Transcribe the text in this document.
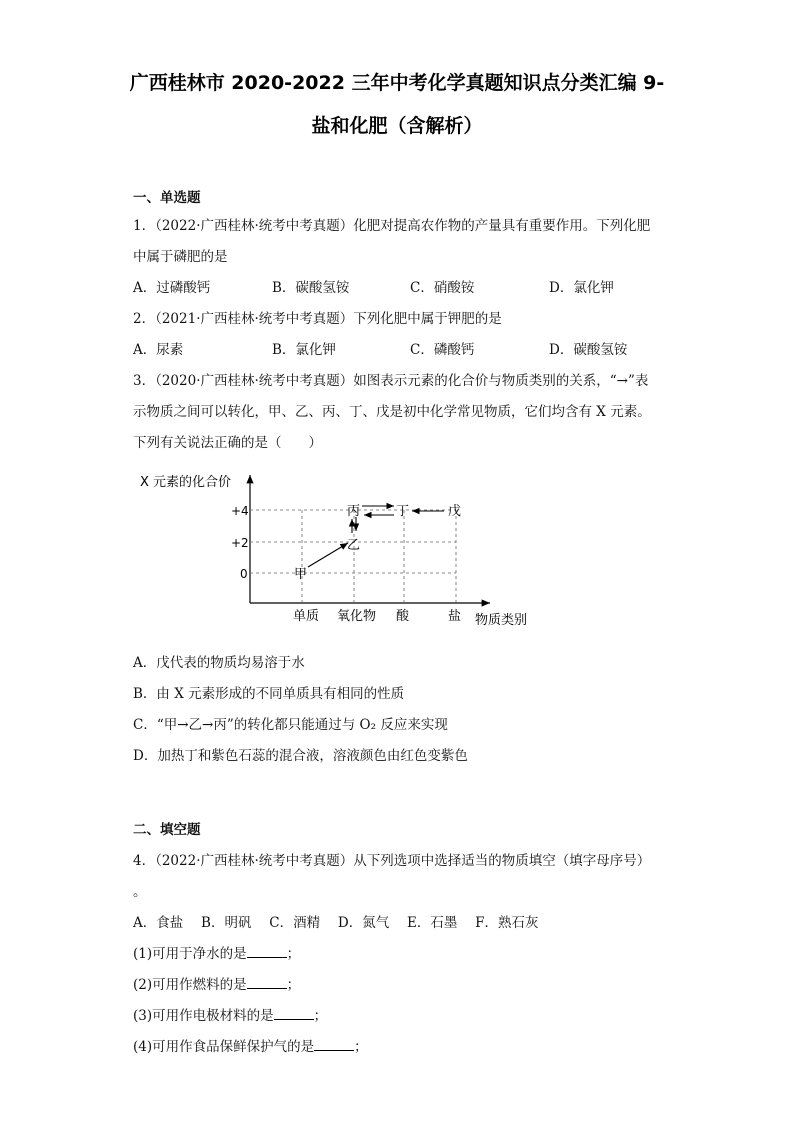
广西桂林市 2020-2022 三年中考化学真题知识点分类汇编 9-
盐和化肥（含解析）
一、单选题
1．（2022·广西桂林·统考中考真题）化肥对提高农作物的产量具有重要作用。下列化肥
中属于磷肥的是
A．过磷酸钙	B．碳酸氢铵	C．硝酸铵	D．氯化钾
2．（2021·广西桂林·统考中考真题）下列化肥中属于钾肥的是
A．尿素	B．氯化钾	C．磷酸钙	D．碳酸氢铵
3．（2020·广西桂林·统考中考真题）如图表示元素的化合价与物质类别的关系，“→”表
示物质之间可以转化，甲、乙、丙、丁、戊是初中化学常见物质，它们均含有 X 元素。
下列有关说法正确的是（　　）
X 元素的化合价
+4
+2
0
单质 氧化物 酸	盐 物质类别
甲
乙
丙	丁	戊
A．戊代表的物质均易溶于水
B．由 X 元素形成的不同单质具有相同的性质
C．“甲→乙→丙”的转化都只能通过与 O₂ 反应来实现
D．加热丁和紫色石蕊的混合液，溶液颜色由红色变紫色
二、填空题
4．（2022·广西桂林·统考中考真题）从下列选项中选择适当的物质填空（填字母序号）
。
A．食盐　 B．明矾　 C．酒精　 D．氮气　 E．石墨　 F．熟石灰
(1)可用于净水的是	；
(2)可用作燃料的是	；
(3)可用作电极材料的是	；
(4)可用作食品保鲜保护气的是	；
